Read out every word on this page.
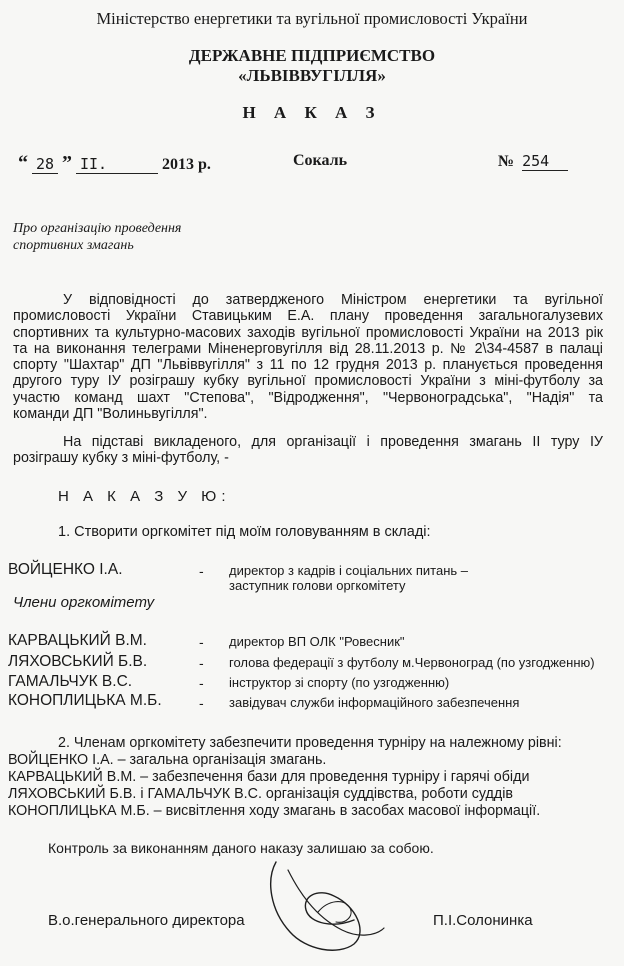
Міністерство енергетики та вугільної промисловості України
ДЕРЖАВНЕ ПІДПРИЄМСТВО
«ЛЬВІВВУГІЛЛЯ»
Н А К А З
“ 28 ” II.	2013 р.	Сокаль	№ 254
Про організацію проведення
спортивних змагань
У відповідності до затвердженого Міністром енергетики та вугільної
промисловості України Ставицьким Е.А. плану проведення загальногалузевих
спортивних та культурно-масових заходів вугільної промисловості України на 2013 рік
та на виконання телеграми Міненерговугілля від 28.11.2013 р. № 2\34-4587 в палаці
спорту "Шахтар" ДП "Львіввугілля" з 11 по 12 грудня 2013 р. планується проведення
другого туру ІУ розіграшу кубку вугільної промисловості України з міні-футболу за
участю команд шахт "Степова", "Відродження", "Червоноградська", "Надія" та
команди ДП "Волиньвугілля".
На підставі викладеного, для організації і проведення змагань ІІ туру ІУ
розіграшу кубку з міні-футболу, -
Н А К А З У Ю:
1. Створити оргкомітет під моїм головуванням в складі:
ВОЙЦЕНКО І.А.	- директор з кадрів і соціальних питань –
заступник голови оргкомітету
Члени оргкомітету
КАРВАЦЬКИЙ В.М.	- директор ВП ОЛК "Ровесник"
ЛЯХОВСЬКИЙ Б.В.	- голова федерації з футболу м.Червоноград (по узгодженню)
ГАМАЛЬЧУК В.С.	- інструктор зі спорту (по узгодженню)
КОНОПЛИЦЬКА М.Б.	- завідувач служби інформаційного забезпечення
2. Членам оргкомітету забезпечити проведення турніру на належному рівні:
ВОЙЦЕНКО І.А. – загальна організація змагань.
КАРВАЦЬКИЙ В.М. – забезпечення бази для проведення турніру і гарячі обіди
ЛЯХОВСЬКИЙ Б.В. і ГАМАЛЬЧУК В.С. організація суддівства, роботи суддів
КОНОПЛИЦЬКА М.Б. – висвітлення ходу змагань в засобах масової інформації.
Контроль за виконанням даного наказу залишаю за собою.
В.о.генерального директора	П.І.Солонинка
